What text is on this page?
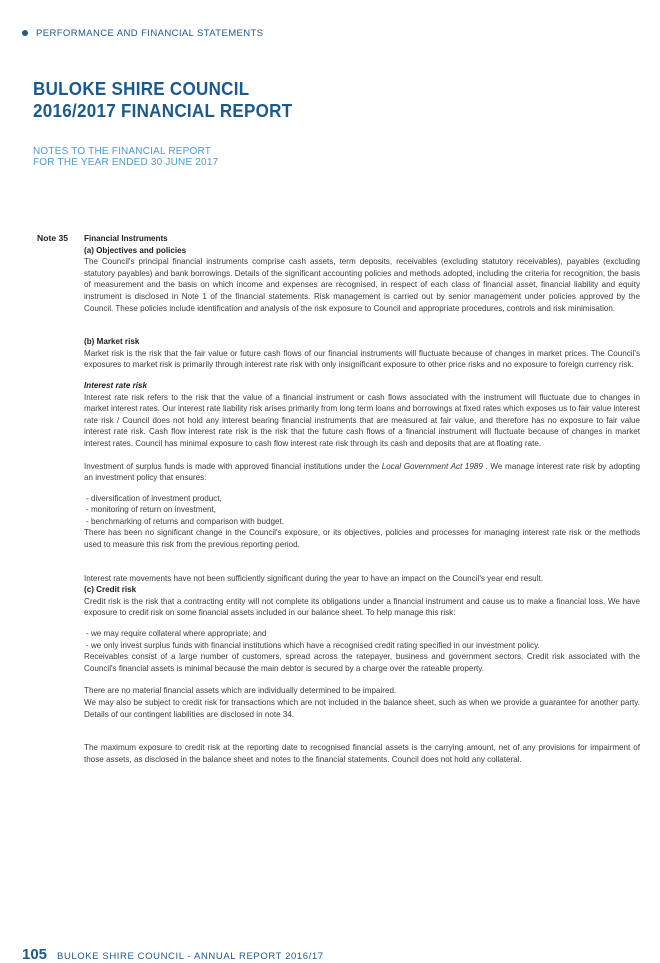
PERFORMANCE AND FINANCIAL STATEMENTS
BULOKE SHIRE COUNCIL
2016/2017 FINANCIAL REPORT
NOTES TO THE FINANCIAL REPORT
FOR THE YEAR ENDED 30 JUNE 2017
Note 35 Financial Instruments
(a) Objectives and policies

The Council's principal financial instruments comprise cash assets, term deposits, receivables (excluding statutory receivables), payables (excluding statutory payables) and bank borrowings. Details of the significant accounting policies and methods adopted, including the criteria for recognition, the basis of measurement and the basis on which income and expenses are recognised, in respect of each class of financial asset, financial liability and equity instrument is disclosed in Note 1 of the financial statements. Risk management is carried out by senior management under policies approved by the Council. These policies include identification and analysis of the risk exposure to Council and appropriate procedures, controls and risk minimisation.

(b) Market risk

Market risk is the risk that the fair value or future cash flows of our financial instruments will fluctuate because of changes in market prices. The Council's exposures to market risk is primarily through interest rate risk with only insignificant exposure to other price risks and no exposure to foreign currency risk.

Interest rate risk

Interest rate risk refers to the risk that the value of a financial instrument or cash flows associated with the instrument will fluctuate due to changes in market interest rates. Our interest rate liability risk arises primarily from long term loans and borrowings at fixed rates which exposes us to fair value interest rate risk / Council does not hold any interest bearing financial instruments that are measured at fair value, and therefore has no exposure to fair value interest rate risk. Cash flow interest rate risk is the risk that the future cash flows of a financial instrument will fluctuate because of changes in market interest rates. Council has minimal exposure to cash flow interest rate risk through its cash and deposits that are at floating rate.

Investment of surplus funds is made with approved financial institutions under the Local Government Act 1989 . We manage interest rate risk by adopting an investment policy that ensures:

- diversification of investment product,
- monitoring of return on investment,
- benchmarking of returns and comparison with budget.

There has been no significant change in the Council's exposure, or its objectives, policies and processes for managing interest rate risk or the methods used to measure this risk from the previous reporting period.

Interest rate movements have not been sufficiently significant during the year to have an impact on the Council's year end result.

(c) Credit risk

Credit risk is the risk that a contracting entity will not complete its obligations under a financial instrument and cause us to make a financial loss. We have exposure to credit risk on some financial assets included in our balance sheet. To help manage this risk:

- we may require collateral where appropriate; and
- we only invest surplus funds with financial institutions which have a recognised credit rating specified in our investment policy.

Receivables consist of a large number of customers, spread across the ratepayer, business and government sectors. Credit risk associated with the Council's financial assets is minimal because the main debtor is secured by a charge over the rateable property.

There are no material financial assets which are individually determined to be impaired.

We may also be subject to credit risk for transactions which are not included in the balance sheet, such as when we provide a guarantee for another party. Details of our contingent liabilities are disclosed in note 34.

The maximum exposure to credit risk at the reporting date to recognised financial assets is the carrying amount, net of any provisions for impairment of those assets, as disclosed in the balance sheet and notes to the financial statements. Council does not hold any collateral.

105 BULOKE SHIRE COUNCIL - ANNUAL REPORT 2016/17
